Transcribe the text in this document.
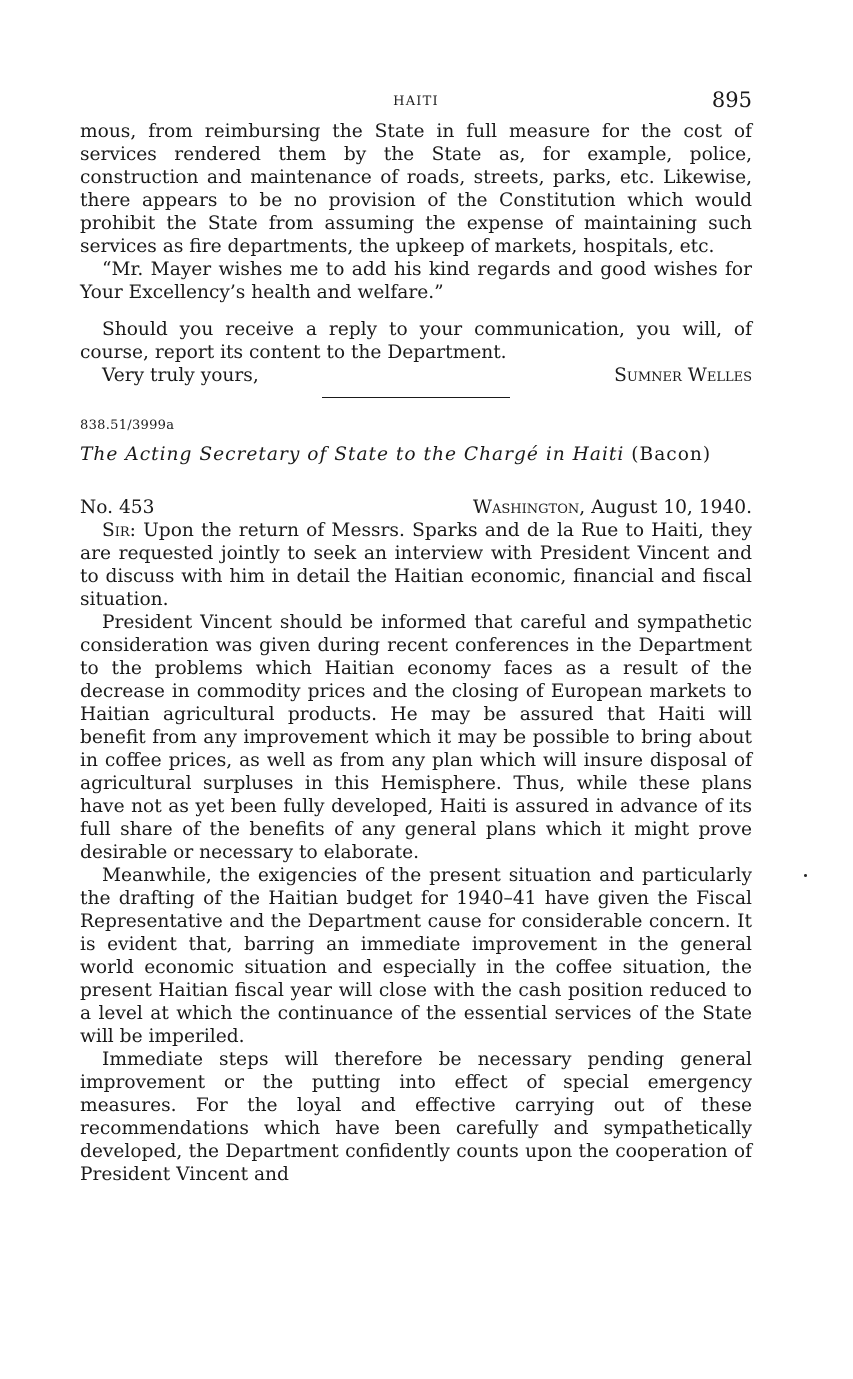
HAITI	895

mous, from reimbursing the State in full measure for the cost of services rendered them by the State as, for example, police, construction and maintenance of roads, streets, parks, etc. Likewise, there appears to be no provision of the Constitution which would prohibit the State from assuming the expense of maintaining such services as fire departments, the upkeep of markets, hospitals, etc.

“Mr. Mayer wishes me to add his kind regards and good wishes for Your Excellency’s health and welfare.”

Should you receive a reply to your communication, you will, of course, report its content to the Department.

Very truly yours,	Sumner Welles
838.51/3999a
The Acting Secretary of State to the Chargé in Haiti (Bacon)
No. 453	Washington, August 10, 1940.

Sir: Upon the return of Messrs. Sparks and de la Rue to Haiti, they are requested jointly to seek an interview with President Vincent and to discuss with him in detail the Haitian economic, financial and fiscal situation.

President Vincent should be informed that careful and sympathetic consideration was given during recent conferences in the Department to the problems which Haitian economy faces as a result of the decrease in commodity prices and the closing of European markets to Haitian agricultural products. He may be assured that Haiti will benefit from any improvement which it may be possible to bring about in coffee prices, as well as from any plan which will insure disposal of agricultural surpluses in this Hemisphere. Thus, while these plans have not as yet been fully developed, Haiti is assured in advance of its full share of the benefits of any general plans which it might prove desirable or necessary to elaborate.

Meanwhile, the exigencies of the present situation and particularly the drafting of the Haitian budget for 1940–41 have given the Fiscal Representative and the Department cause for considerable concern. It is evident that, barring an immediate improvement in the general world economic situation and especially in the coffee situation, the present Haitian fiscal year will close with the cash position reduced to a level at which the continuance of the essential services of the State will be imperiled.

Immediate steps will therefore be necessary pending general improvement or the putting into effect of special emergency measures. For the loyal and effective carrying out of these recommendations which have been carefully and sympathetically developed, the Department confidently counts upon the cooperation of President Vincent and
